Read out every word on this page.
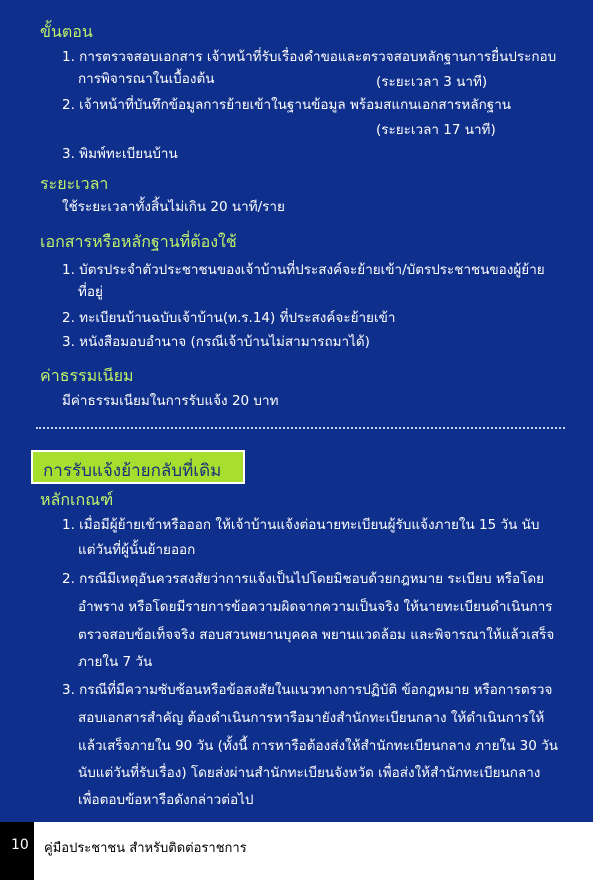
ขั้นตอน
1. การตรวจสอบเอกสาร เจ้าหน้าที่รับเรื่องคำขอและตรวจสอบหลักฐานการยื่นประกอบ
การพิจารณาในเบื้องต้น	(ระยะเวลา 3 นาที)
2. เจ้าหน้าที่บันทึกข้อมูลการย้ายเข้าในฐานข้อมูล พร้อมสแกนเอกสารหลักฐาน
(ระยะเวลา 17 นาที)
3. พิมพ์ทะเบียนบ้าน
ระยะเวลา
ใช้ระยะเวลาทั้งสิ้นไม่เกิน 20 นาที/ราย
เอกสารหรือหลักฐานที่ต้องใช้
1. บัตรประจำตัวประชาชนของเจ้าบ้านที่ประสงค์จะย้ายเข้า/บัตรประชาชนของผู้ย้าย
ที่อยู่
2. ทะเบียนบ้านฉบับเจ้าบ้าน(ท.ร.14) ที่ประสงค์จะย้ายเข้า
3. หนังสือมอบอำนาจ (กรณีเจ้าบ้านไม่สามารถมาได้)
ค่าธรรมเนียม
มีค่าธรรมเนียมในการรับแจ้ง 20 บาท
การรับแจ้งย้ายกลับที่เดิม
หลักเกณฑ์
1. เมื่อมีผู้ย้ายเข้าหรือออก ให้เจ้าบ้านแจ้งต่อนายทะเบียนผู้รับแจ้งภายใน 15 วัน นับ
แต่วันที่ผู้นั้นย้ายออก
2. กรณีมีเหตุอันควรสงสัยว่าการแจ้งเป็นไปโดยมิชอบด้วยกฎหมาย ระเบียบ หรือโดย
อำพราง หรือโดยมีรายการข้อความผิดจากความเป็นจริง ให้นายทะเบียนดำเนินการ
ตรวจสอบข้อเท็จจริง สอบสวนพยานบุคคล พยานแวดล้อม และพิจารณาให้แล้วเสร็จ
ภายใน 7 วัน
3. กรณีที่มีความซับซ้อนหรือข้อสงสัยในแนวทางการปฏิบัติ ข้อกฎหมาย หรือการตรวจ
สอบเอกสารสำคัญ ต้องดำเนินการหารือมายังสำนักทะเบียนกลาง ให้ดำเนินการให้
แล้วเสร็จภายใน 90 วัน (ทั้งนี้ การหารือต้องส่งให้สำนักทะเบียนกลาง ภายใน 30 วัน
นับแต่วันที่รับเรื่อง) โดยส่งผ่านสำนักทะเบียนจังหวัด เพื่อส่งให้สำนักทะเบียนกลาง
เพื่อตอบข้อหารือดังกล่าวต่อไป
10 คู่มือประชาชน สำหรับติดต่อราชการ
